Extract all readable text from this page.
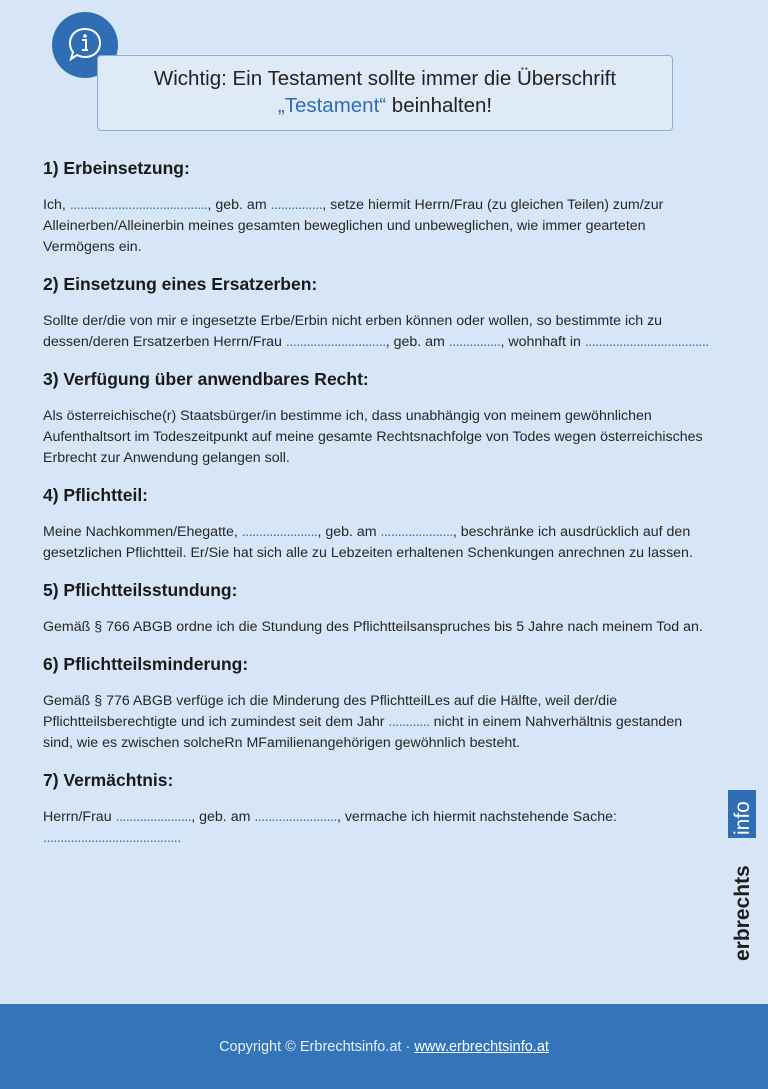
Wichtig: Ein Testament sollte immer die Überschrift
„Testament“ beinhalten!
1) Erbeinsetzung:

Ich, ........................................, geb. am ..............., setze hiermit Herrn/Frau (zu gleichen Teilen) zum/zur Alleinerben/Alleinerbin meines gesamten beweglichen und unbeweglichen, wie immer gearteten Vermögens ein.

2) Einsetzung eines Ersatzerben:

Sollte der/die von mir e ingesetzte Erbe/Erbin nicht erben können oder wollen, so bestimmte ich zu dessen/deren Ersatzerben Herrn/Frau ............................., geb. am ..............., wohnhaft in ....................................

3) Verfügung über anwendbares Recht:

Als österreichische(r) Staatsbürger/in bestimme ich, dass unabhängig von meinem gewöhnlichen Aufenthaltsort im Todeszeitpunkt auf meine gesamte Rechtsnachfolge von Todes wegen österreichisches Erbrecht zur Anwendung gelangen soll.

4) Pflichtteil:

Meine Nachkommen/Ehegatte, ......................, geb. am ....................., beschränke ich ausdrücklich auf den gesetzlichen Pflichtteil. Er/Sie hat sich alle zu Lebzeiten erhaltenen Schenkungen anrechnen zu lassen.

5) Pflichtteilsstundung:

Gemäß § 766 ABGB ordne ich die Stundung des Pflichtteilsanspruches bis 5 Jahre nach meinem Tod an.

6) Pflichtteilsminderung:

Gemäß § 776 ABGB verfüge ich die Minderung des PflichtteilLes auf die Hälfte, weil der/die Pflichtteilsberechtigte und ich zumindest seit dem Jahr ............ nicht in einem Nahverhältnis gestanden sind, wie es zwischen solcheRn MFamilienangehörigen gewöhnlich besteht.

7) Vermächtnis:

Herrn/Frau ......................, geb. am ........................, vermache ich hiermit nachstehende Sache: ........................................

info
erbrechts
Copyright © Erbrechtsinfo.at ·
www.erbrechtsinfo.at
